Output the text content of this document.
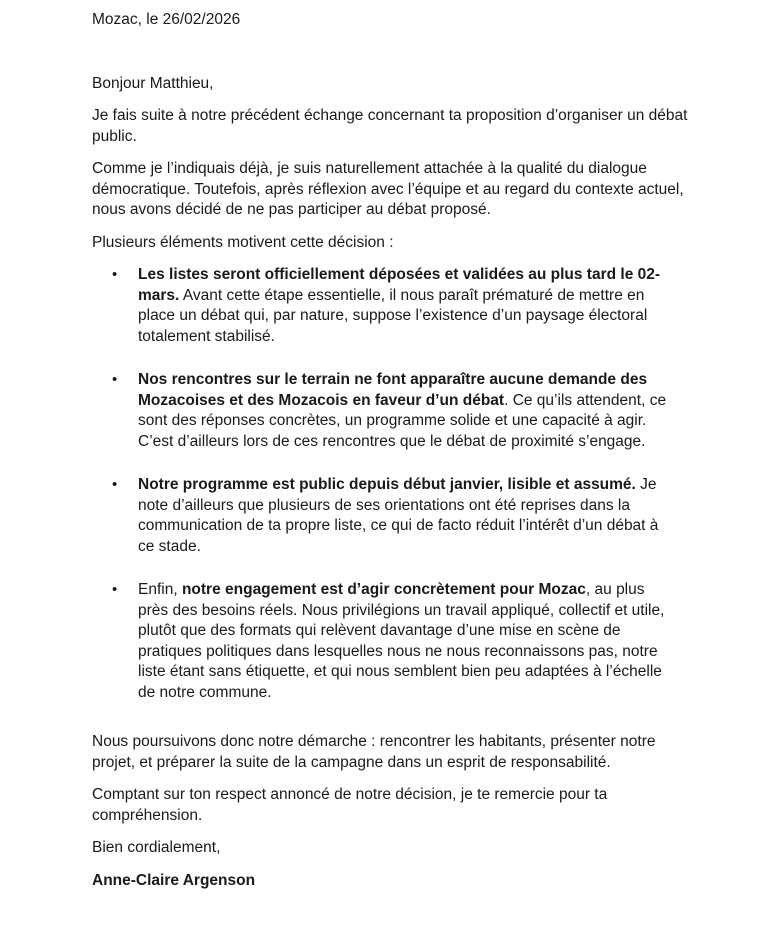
Mozac, le 26/02/2026

Bonjour Matthieu,

Je fais suite à notre précédent échange concernant ta proposition d’organiser un débat public.

Comme je l’indiquais déjà, je suis naturellement attachée à la qualité du dialogue démocratique. Toutefois, après réflexion avec l’équipe et au regard du contexte actuel, nous avons décidé de ne pas participer au débat proposé.

Plusieurs éléments motivent cette décision :

• Les listes seront officiellement déposées et validées au plus tard le 02-mars. Avant cette étape essentielle, il nous paraît prématuré de mettre en place un débat qui, par nature, suppose l’existence d’un paysage électoral totalement stabilisé.
• Nos rencontres sur le terrain ne font apparaître aucune demande des Mozacoises et des Mozacois en faveur d’un débat. Ce qu’ils attendent, ce sont des réponses concrètes, un programme solide et une capacité à agir. C’est d’ailleurs lors de ces rencontres que le débat de proximité s’engage.
• Notre programme est public depuis début janvier, lisible et assumé. Je note d’ailleurs que plusieurs de ses orientations ont été reprises dans la communication de ta propre liste, ce qui de facto réduit l’intérêt d’un débat à ce stade.
• Enfin, notre engagement est d’agir concrètement pour Mozac, au plus près des besoins réels. Nous privilégions un travail appliqué, collectif et utile, plutôt que des formats qui relèvent davantage d’une mise en scène de pratiques politiques dans lesquelles nous ne nous reconnaissons pas, notre liste étant sans étiquette, et qui nous semblent bien peu adaptées à l’échelle de notre commune.

Nous poursuivons donc notre démarche : rencontrer les habitants, présenter notre projet, et préparer la suite de la campagne dans un esprit de responsabilité.

Comptant sur ton respect annoncé de notre décision, je te remercie pour ta compréhension.

Bien cordialement,

Anne-Claire Argenson
